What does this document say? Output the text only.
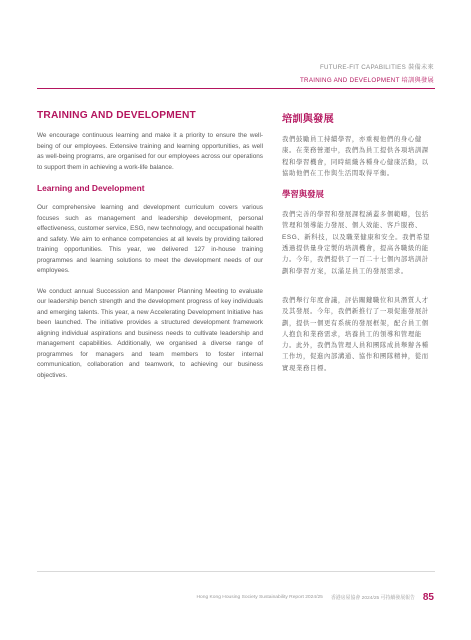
FUTURE-FIT CAPABILITIES 裝備未來
TRAINING AND DEVELOPMENT 培訓與發展
TRAINING AND DEVELOPMENT

We encourage continuous learning and make it a priority to ensure the well-being of our employees. Extensive training and learning opportunities, as well as well-being programs, are organised for our employees across our operations to support them in achieving a work-life balance.

Learning and Development

Our comprehensive learning and development curriculum covers various focuses such as management and leadership development, personal effectiveness, customer service, ESG, new technology, and occupational health and safety. We aim to enhance competencies at all levels by providing tailored training opportunities. This year, we delivered 127 in-house training programmes and learning solutions to meet the development needs of our employees.

We conduct annual Succession and Manpower Planning Meeting to evaluate our leadership bench strength and the development progress of key individuals and emerging talents. This year, a new Accelerating Development Initiative has been launched. The initiative provides a structured development framework aligning individual aspirations and business needs to cultivate leadership and management capabilities. Additionally, we organised a diverse range of programmes for managers and team members to foster internal communication, collaboration and teamwork, to achieving our business objectives.

培訓與發展

我們鼓勵員工持續學習，亦重視他們的身心健康。在業務營運中，我們為員工提供各項培訓課程和學習機會，同時組織各種身心健康活動，以協助他們在工作與生活間取得平衡。

學習與發展

我們完善的學習和發展課程涵蓋多個範疇，包括管理和領導能力發展、個人效能、客戶服務、ESG、新科技，以及職業健康和安全。我們希望透過提供量身定製的培訓機會，提高各職級的能力。今年，我們提供了一百二十七個內部培訓計劃和學習方案，以滿足員工的發展需求。

我們舉行年度會議，評估關鍵職位和具潛質人才及其發展。今年，我們新推行了一項促進發展計劃，提供一個更有系統的發展框架，配合員工個人抱負和業務需求，培養員工的領導和管理能力。此外，我們為管理人員和團隊成員舉辦各種工作坊，促進內部溝通、協作和團隊精神，從而實現業務目標。

Hong Kong Housing Society Sustainability Report 2024/25 香港房屋協會 2024/25 可持續發展報告 85
